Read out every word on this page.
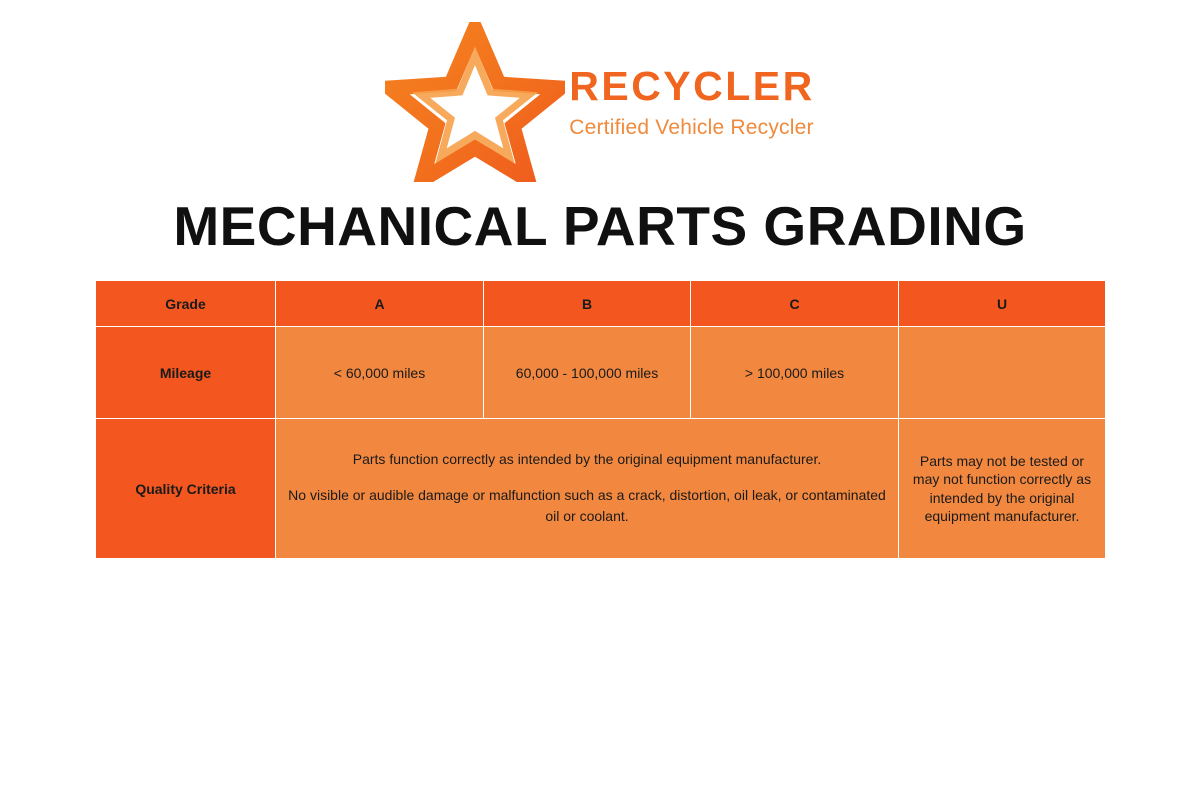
RECYCLER
Certified Vehicle Recycler
MECHANICAL PARTS GRADING
Grade	A	B	C	U
Mileage	< 60,000 miles	60,000 - 100,000 miles	> 100,000 miles	
Quality Criteria	Parts function correctly as intended by the original equipment manufacturer.

No visible or audible damage or malfunction such as a crack, distortion, oil leak, or contaminated oil or coolant.			Parts may not be tested or may not function correctly as intended by the original equipment manufacturer.
